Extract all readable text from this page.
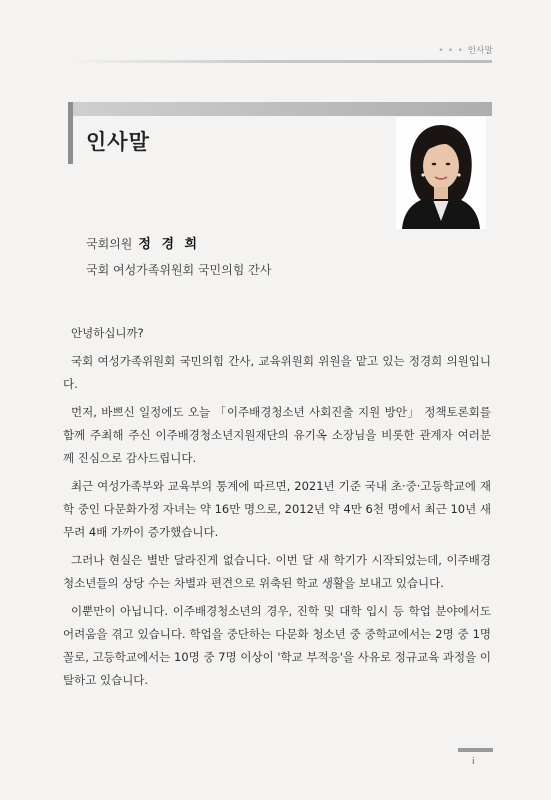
• • • 인사말
인사말
국회의원 정 경 희
국회 여성가족위원회 국민의힘 간사

안녕하십니까?

국회 여성가족위원회 국민의힘 간사, 교육위원회 위원을 맡고 있는 정경희 의원입니다.

먼저, 바쁘신 일정에도 오늘 「이주배경청소년 사회진출 지원 방안」 정책토론회를 함께 주최해 주신 이주배경청소년지원재단의 유기옥 소장님을 비롯한 관계자 여러분께 진심으로 감사드립니다.

최근 여성가족부와 교육부의 통계에 따르면, 2021년 기준 국내 초·중·고등학교에 재학 중인 다문화가정 자녀는 약 16만 명으로, 2012년 약 4만 6천 명에서 최근 10년 새 무려 4배 가까이 증가했습니다.

그러나 현실은 별반 달라진게 없습니다. 이번 달 새 학기가 시작되었는데, 이주배경청소년들의 상당 수는 차별과 편견으로 위축된 학교 생활을 보내고 있습니다.

이뿐만이 아닙니다. 이주배경청소년의 경우, 진학 및 대학 입시 등 학업 분야에서도 어려움을 겪고 있습니다. 학업을 중단하는 다문화 청소년 중 중학교에서는 2명 중 1명 꼴로, 고등학교에서는 10명 중 7명 이상이 '학교 부적응'을 사유로 정규교육 과정을 이탈하고 있습니다.

i
